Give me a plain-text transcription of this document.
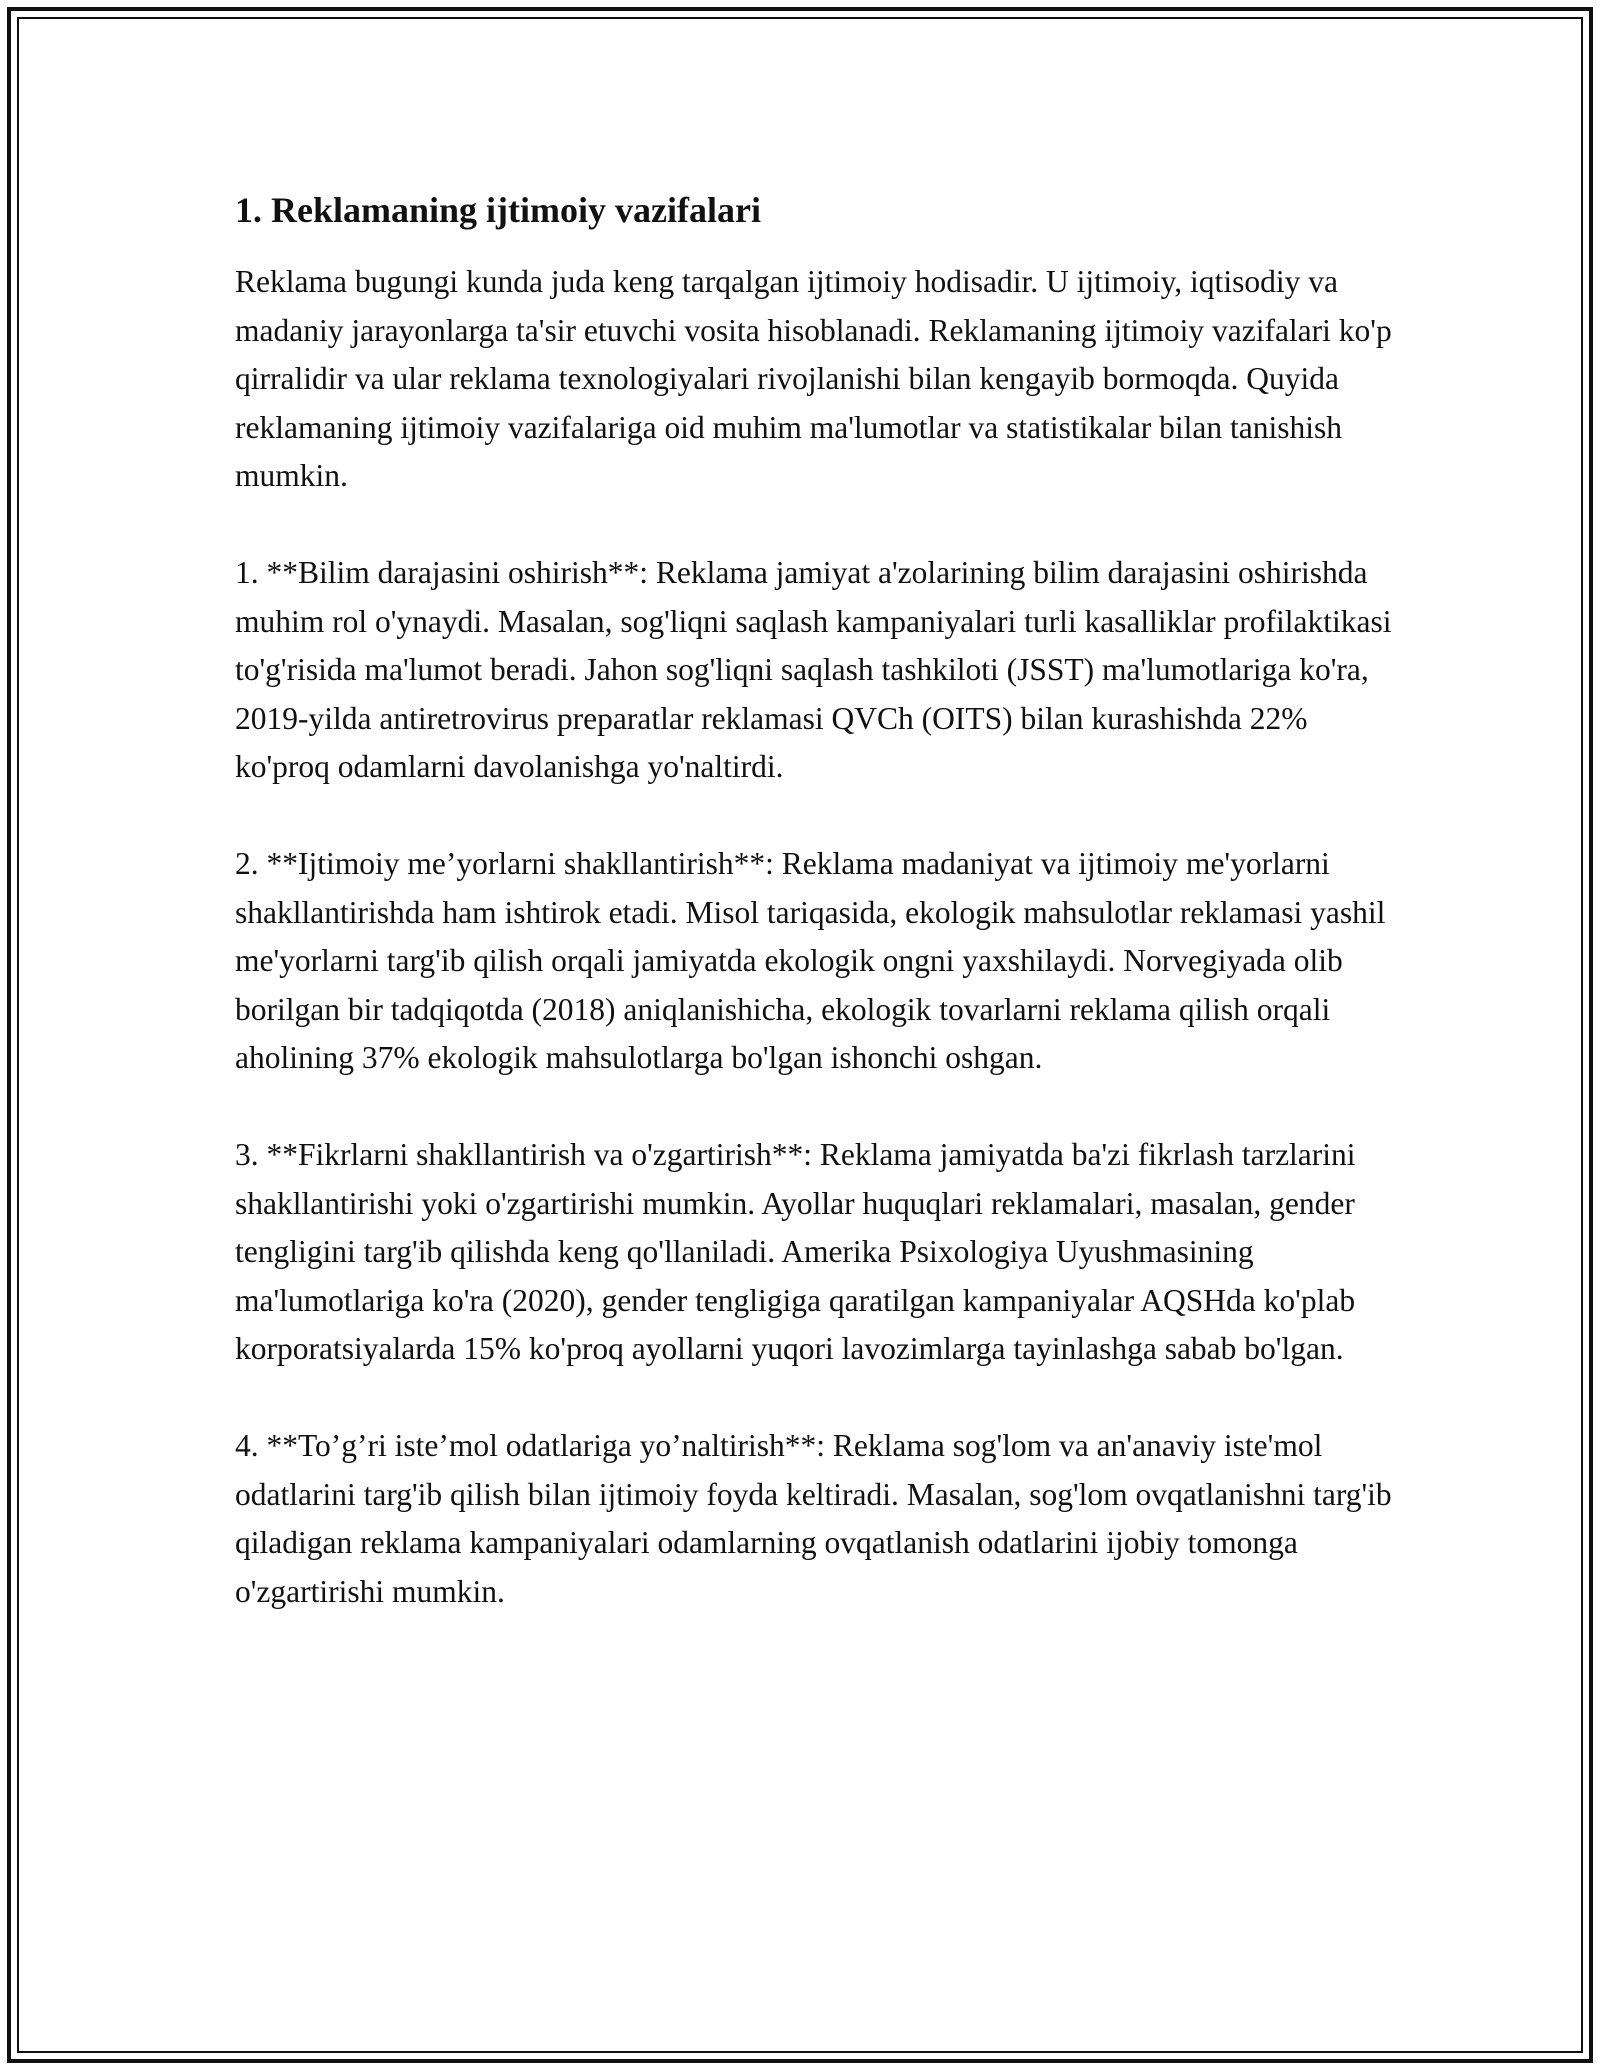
1. Reklamaning ijtimoiy vazifalari

Reklama bugungi kunda juda keng tarqalgan ijtimoiy hodisadir. U ijtimoiy, iqtisodiy va madaniy jarayonlarga ta'sir etuvchi vosita hisoblanadi. Reklamaning ijtimoiy vazifalari ko'p qirralidir va ular reklama texnologiyalari rivojlanishi bilan kengayib bormoqda. Quyida reklamaning ijtimoiy vazifalariga oid muhim ma'lumotlar va statistikalar bilan tanishish mumkin.

1. **Bilim darajasini oshirish**: Reklama jamiyat a'zolarining bilim darajasini oshirishda muhim rol o'ynaydi. Masalan, sog'liqni saqlash kampaniyalari turli kasalliklar profilaktikasi to'g'risida ma'lumot beradi. Jahon sog'liqni saqlash tashkiloti (JSST) ma'lumotlariga ko'ra, 2019-yilda antiretrovirus preparatlar reklamasi QVCh (OITS) bilan kurashishda 22% ko'proq odamlarni davolanishga yo'naltirdi.

2. **Ijtimoiy me’yorlarni shakllantirish**: Reklama madaniyat va ijtimoiy me'yorlarni shakllantirishda ham ishtirok etadi. Misol tariqasida, ekologik mahsulotlar reklamasi yashil me'yorlarni targ'ib qilish orqali jamiyatda ekologik ongni yaxshilaydi. Norvegiyada olib borilgan bir tadqiqotda (2018) aniqlanishicha, ekologik tovarlarni reklama qilish orqali aholining 37% ekologik mahsulotlarga bo'lgan ishonchi oshgan.

3. **Fikrlarni shakllantirish va o'zgartirish**: Reklama jamiyatda ba'zi fikrlash tarzlarini shakllantirishi yoki o'zgartirishi mumkin. Ayollar huquqlari reklamalari, masalan, gender tengligini targ'ib qilishda keng qo'llaniladi. Amerika Psixologiya Uyushmasining ma'lumotlariga ko'ra (2020), gender tengligiga qaratilgan kampaniyalar AQSHda ko'plab korporatsiyalarda 15% ko'proq ayollarni yuqori lavozimlarga tayinlashga sabab bo'lgan.

4. **To’g’ri iste’mol odatlariga yo’naltirish**: Reklama sog'lom va an'anaviy iste'mol odatlarini targ'ib qilish bilan ijtimoiy foyda keltiradi. Masalan, sog'lom ovqatlanishni targ'ib qiladigan reklama kampaniyalari odamlarning ovqatlanish odatlarini ijobiy tomonga o'zgartirishi mumkin.
